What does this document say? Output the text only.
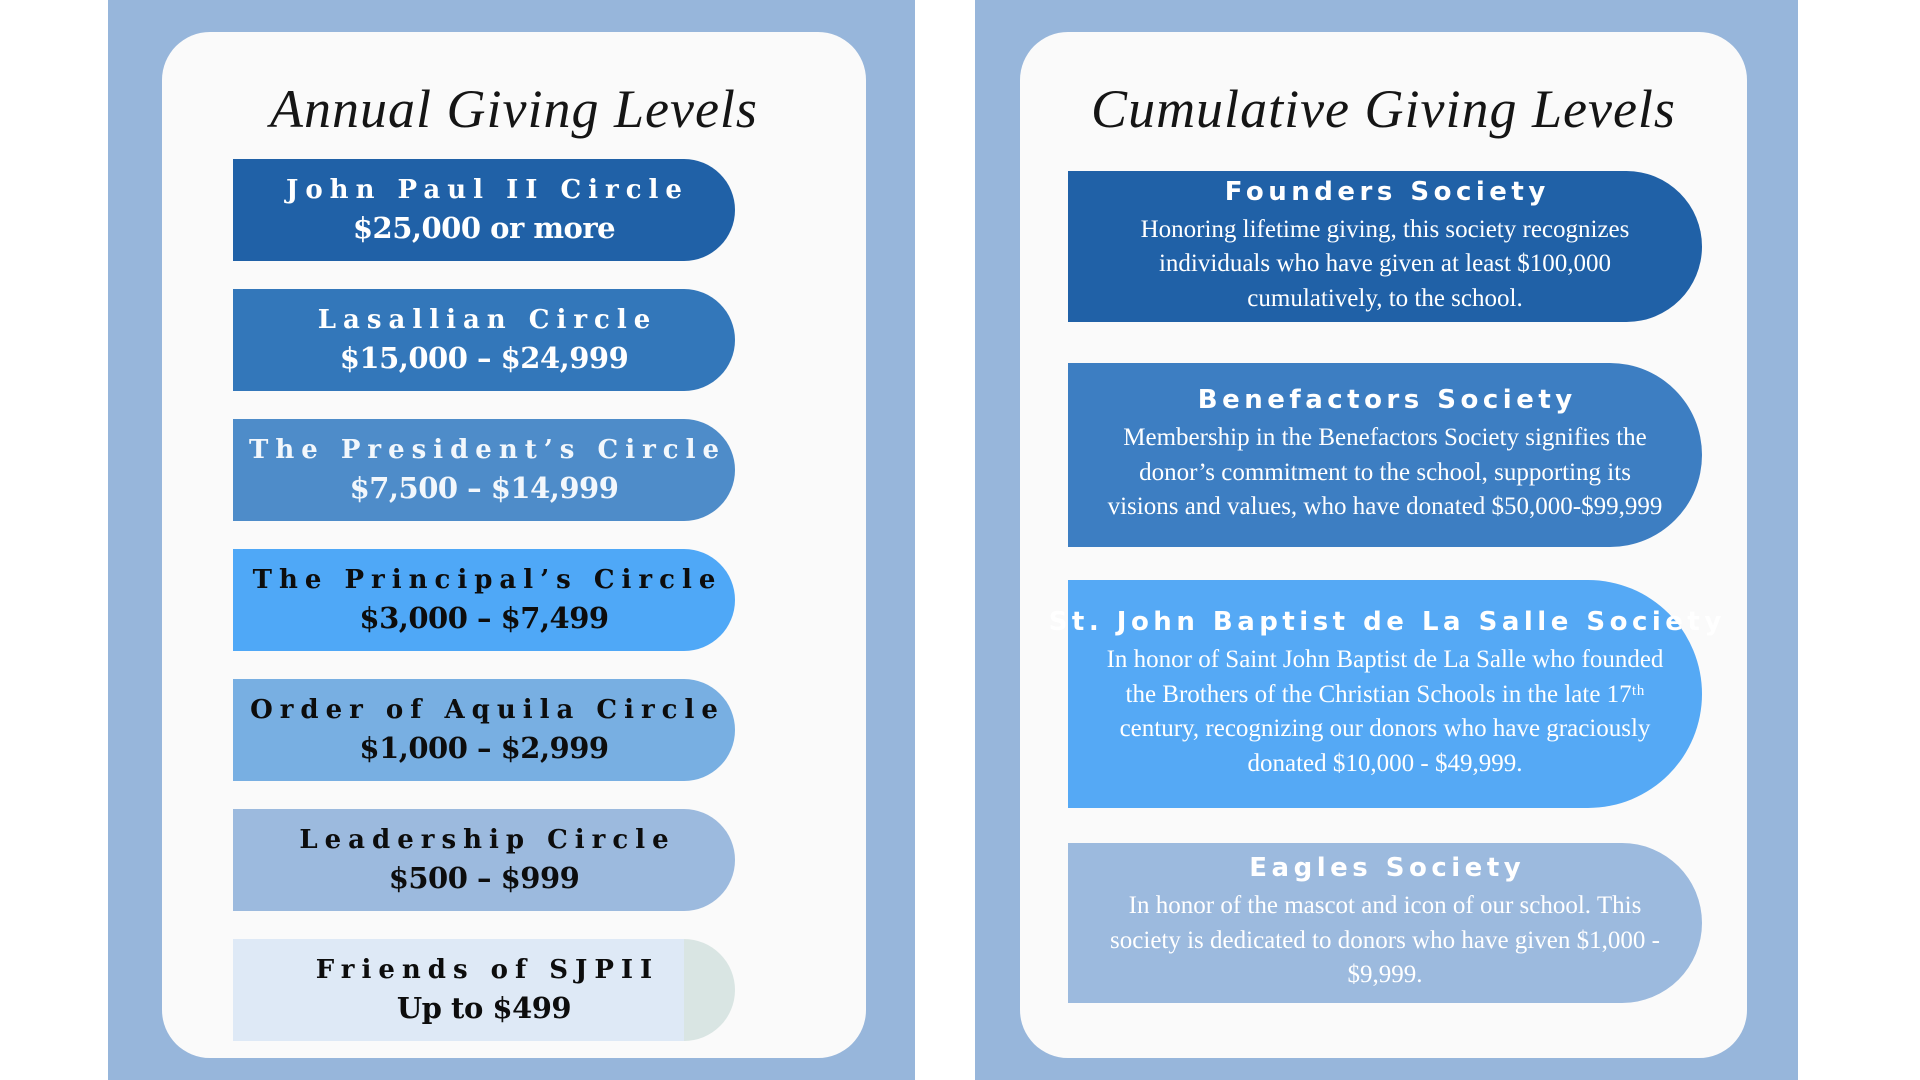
Annual Giving Levels
John Paul II Circle
$25,000 or more
Lasallian Circle
$15,000 – $24,999
The President’s Circle
$7,500 – $14,999
The Principal’s Circle
$3,000 – $7,499
Order of Aquila Circle
$1,000 – $2,999
Leadership Circle
$500 – $999
Friends of SJPII
Up to $499
Cumulative Giving Levels
Founders Society
Honoring lifetime giving, this society recognizes individuals who have given at least $100,000 cumulatively, to the school.
Benefactors Society
Membership in the Benefactors Society signifies the donor’s commitment to the school, supporting its visions and values, who have donated $50,000-$99,999
St. John Baptist de La Salle Society
In honor of Saint John Baptist de La Salle who founded the Brothers of the Christian Schools in the late 17ᵗʰ century, recognizing our donors who have graciously donated $10,000 - $49,999.
Eagles Society
In honor of the mascot and icon of our school. This society is dedicated to donors who have given $1,000 - $9,999.
